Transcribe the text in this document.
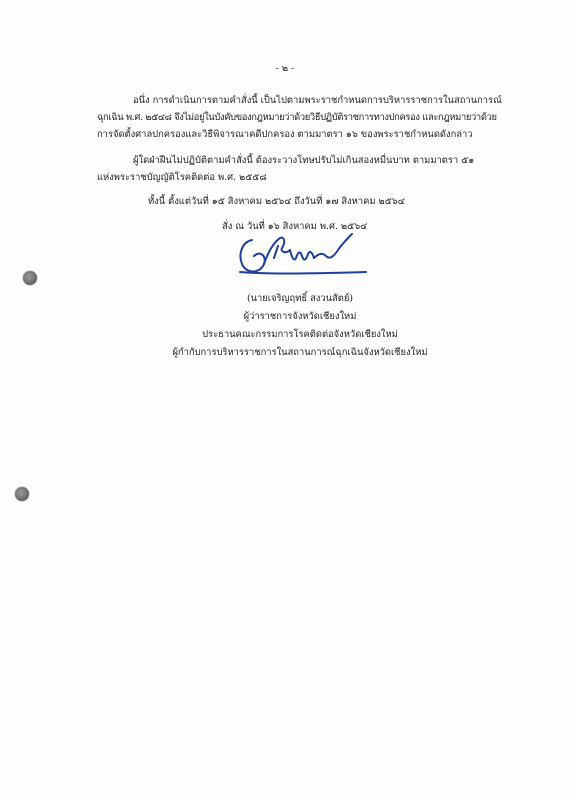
- ๒ -
อนึ่ง การดำเนินการตามคำสั่งนี้ เป็นไปตามพระราชกำหนดการบริหารราชการในสถานการณ์
ฉุกเฉิน พ.ศ. ๒๕๔๘ จึงไม่อยู่ในบังคับของกฎหมายว่าด้วยวิธีปฏิบัติราชการทางปกครอง และกฎหมายว่าด้วย
การจัดตั้งศาลปกครองและวิธีพิจารณาคดีปกครอง ตามมาตรา ๑๖ ของพระราชกำหนดดังกล่าว
ผู้ใดฝ่าฝืนไม่ปฏิบัติตามคำสั่งนี้ ต้องระวางโทษปรับไม่เกินสองหมื่นบาท ตามมาตรา ๕๑
แห่งพระราชบัญญัติโรคติดต่อ พ.ศ. ๒๕๕๘
ทั้งนี้ ตั้งแต่วันที่ ๑๕ สิงหาคม ๒๕๖๔ ถึงวันที่ ๑๗ สิงหาคม ๒๕๖๔
สั่ง ณ วันที่ ๑๖ สิงหาคม พ.ศ. ๒๕๖๔
(นายเจริญฤทธิ์ สงวนสัตย์)
ผู้ว่าราชการจังหวัดเชียงใหม่
ประธานคณะกรรมการโรคติดต่อจังหวัดเชียงใหม่
ผู้กำกับการบริหารราชการในสถานการณ์ฉุกเฉินจังหวัดเชียงใหม่
